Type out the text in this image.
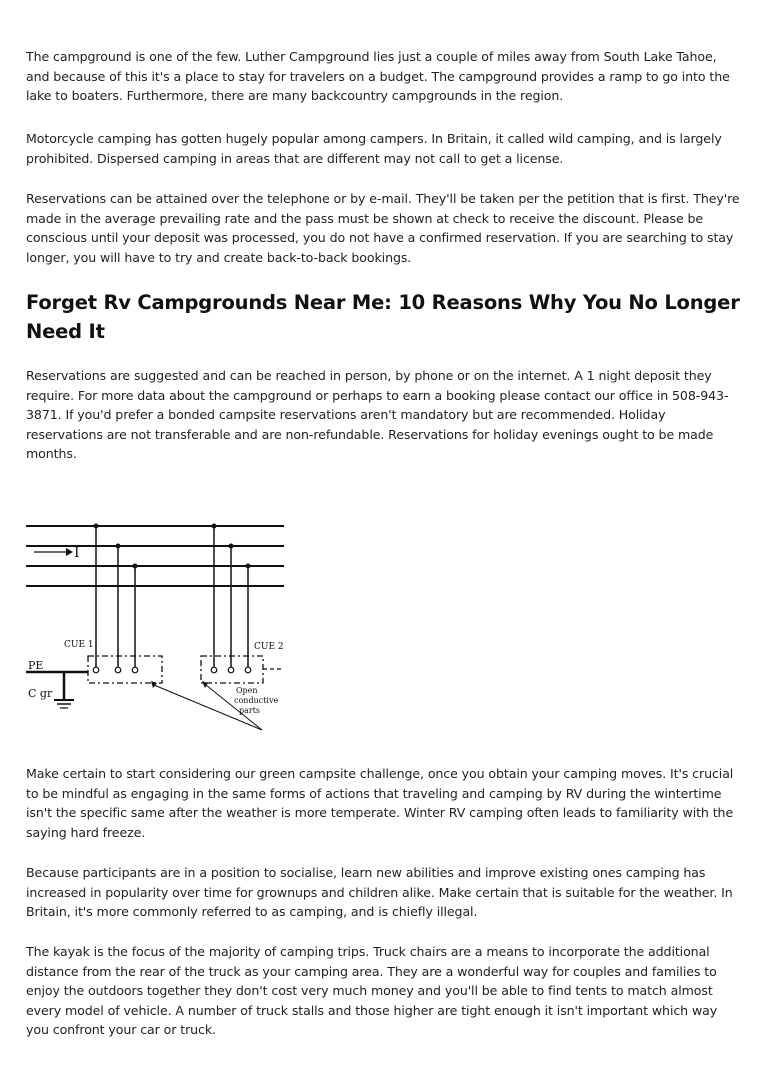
The campground is one of the few. Luther Campground lies just a couple of miles away from South Lake Tahoe, and because of this it's a place to stay for travelers on a budget. The campground provides a ramp to go into the lake to boaters. Furthermore, there are many backcountry campgrounds in the region.

Motorcycle camping has gotten hugely popular among campers. In Britain, it called wild camping, and is largely prohibited. Dispersed camping in areas that are different may not call to get a license.

Reservations can be attained over the telephone or by e-mail. They'll be taken per the petition that is first. They're made in the average prevailing rate and the pass must be shown at check to receive the discount. Please be conscious until your deposit was processed, you do not have a confirmed reservation. If you are searching to stay longer, you will have to try and create back-to-back bookings.

Forget Rv Campgrounds Near Me: 10 Reasons Why You No Longer Need It

Reservations are suggested and can be reached in person, by phone or on the internet. A 1 night deposit they require. For more data about the campground or perhaps to earn a booking please contact our office in 508-943-3871. If you'd prefer a bonded campsite reservations aren't mandatory but are recommended. Holiday reservations are not transferable and are non-refundable. Reservations for holiday evenings ought to be made months.

I
CUE 1	CUE 2
PE
C gr	Open
conductive
parts

Make certain to start considering our green campsite challenge, once you obtain your camping moves. It's crucial to be mindful as engaging in the same forms of actions that traveling and camping by RV during the wintertime isn't the specific same after the weather is more temperate. Winter RV camping often leads to familiarity with the saying hard freeze.

Because participants are in a position to socialise, learn new abilities and improve existing ones camping has increased in popularity over time for grownups and children alike. Make certain that is suitable for the weather. In Britain, it's more commonly referred to as camping, and is chiefly illegal.

The kayak is the focus of the majority of camping trips. Truck chairs are a means to incorporate the additional distance from the rear of the truck as your camping area. They are a wonderful way for couples and families to enjoy the outdoors together they don't cost very much money and you'll be able to find tents to match almost every model of vehicle. A number of truck stalls and those higher are tight enough it isn't important which way you confront your car or truck.
